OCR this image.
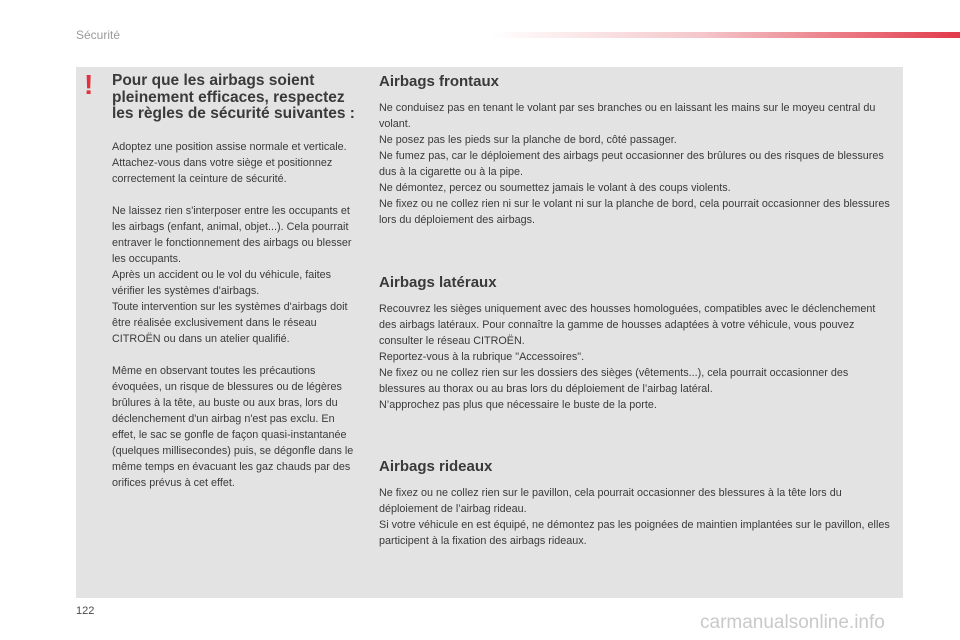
Sécurité
! Pour que les airbags soient pleinement efficaces, respectez les règles de sécurité suivantes :

Adoptez une position assise normale et verticale.
Attachez-vous dans votre siège et positionnez correctement la ceinture de sécurité.

Ne laissez rien s'interposer entre les occupants et les airbags (enfant, animal, objet...). Cela pourrait entraver le fonctionnement des airbags ou blesser les occupants.
Après un accident ou le vol du véhicule, faites vérifier les systèmes d'airbags.
Toute intervention sur les systèmes d'airbags doit être réalisée exclusivement dans le réseau CITROËN ou dans un atelier qualifié.

Même en observant toutes les précautions évoquées, un risque de blessures ou de légères brûlures à la tête, au buste ou aux bras, lors du déclenchement d'un airbag n'est pas exclu. En effet, le sac se gonfle de façon quasi-instantanée (quelques millisecondes) puis, se dégonfle dans le même temps en évacuant les gaz chauds par des orifices prévus à cet effet.

Airbags frontaux

Ne conduisez pas en tenant le volant par ses branches ou en laissant les mains sur le moyeu central du volant.
Ne posez pas les pieds sur la planche de bord, côté passager.
Ne fumez pas, car le déploiement des airbags peut occasionner des brûlures ou des risques de blessures dus à la cigarette ou à la pipe.
Ne démontez, percez ou soumettez jamais le volant à des coups violents.
Ne fixez ou ne collez rien ni sur le volant ni sur la planche de bord, cela pourrait occasionner des blessures lors du déploiement des airbags.

Airbags latéraux

Recouvrez les sièges uniquement avec des housses homologuées, compatibles avec le déclenchement des airbags latéraux. Pour connaître la gamme de housses adaptées à votre véhicule, vous pouvez consulter le réseau CITROËN.
Reportez-vous à la rubrique "Accessoires".
Ne fixez ou ne collez rien sur les dossiers des sièges (vêtements...), cela pourrait occasionner des blessures au thorax ou au bras lors du déploiement de l’airbag latéral.
N’approchez pas plus que nécessaire le buste de la porte.

Airbags rideaux

Ne fixez ou ne collez rien sur le pavillon, cela pourrait occasionner des blessures à la tête lors du déploiement de l’airbag rideau.
Si votre véhicule en est équipé, ne démontez pas les poignées de maintien implantées sur le pavillon, elles participent à la fixation des airbags rideaux.

122
carmanualsonline.info
